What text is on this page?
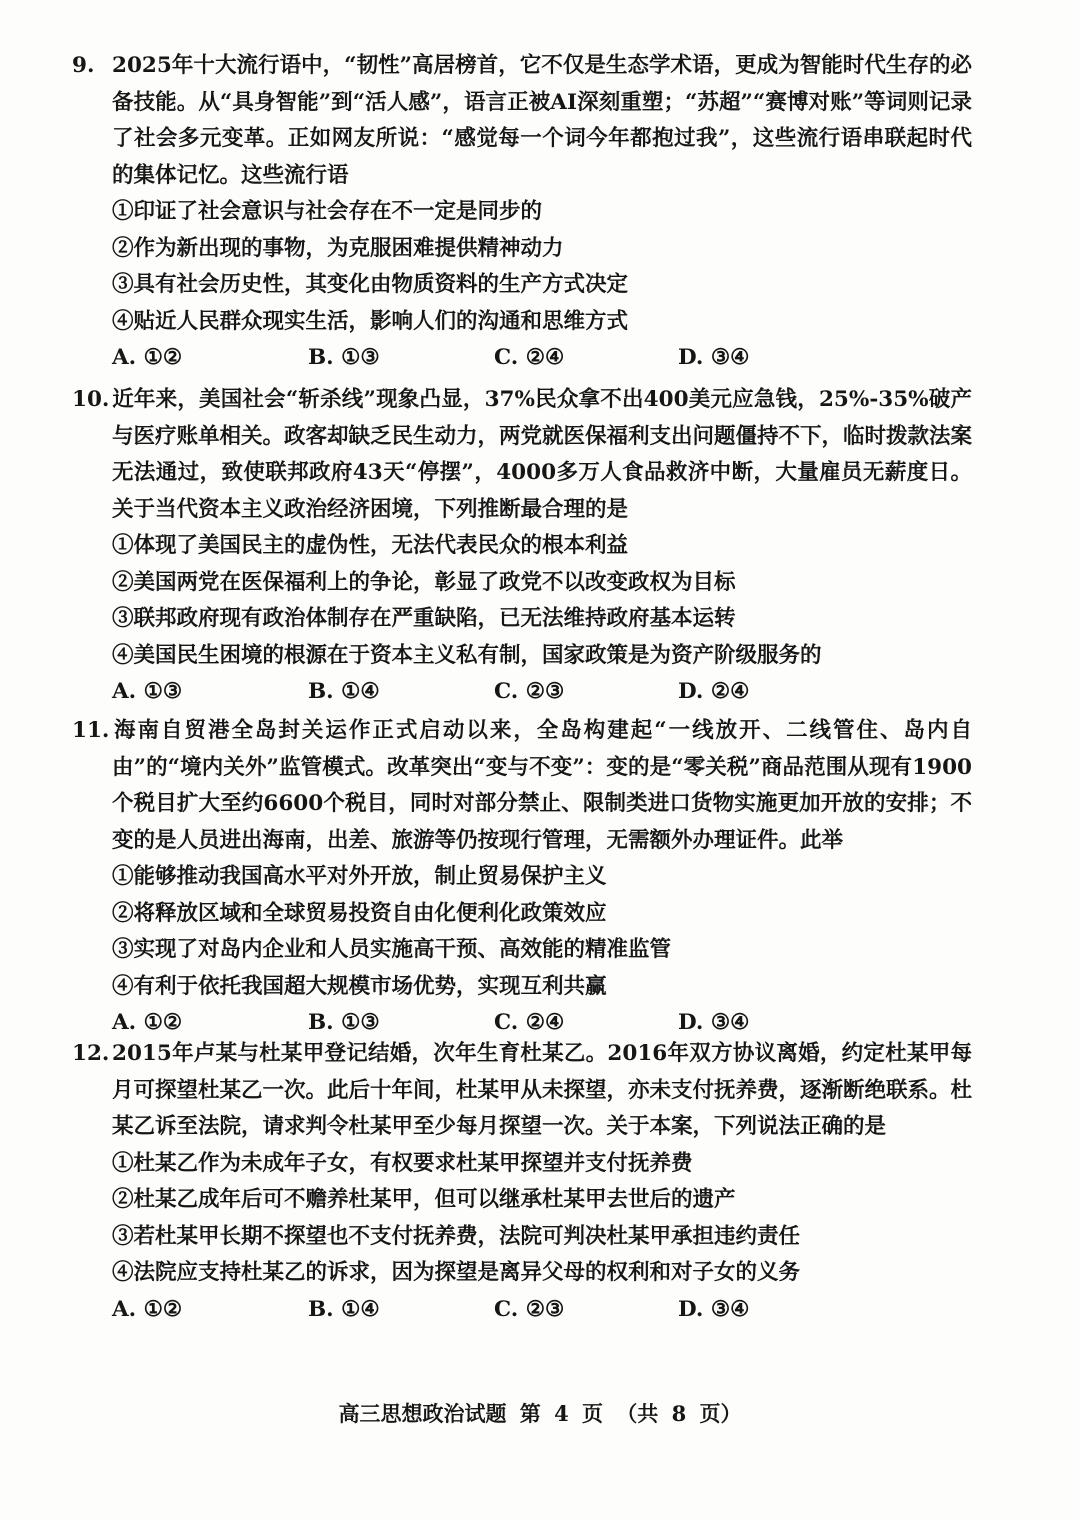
9. 2025年十大流行语中，“韧性”高居榜首，它不仅是生态学术语，更成为智能时代生存的必备技能。从“具身智能”到“活人感”，语言正被AI深刻重塑；“苏超”“赛博对账”等词则记录了社会多元变革。正如网友所说：“感觉每一个词今年都抱过我”，这些流行语串联起时代的集体记忆。这些流行语

①印证了社会意识与社会存在不一定是同步的

②作为新出现的事物，为克服困难提供精神动力

③具有社会历史性，其变化由物质资料的生产方式决定

④贴近人民群众现实生活，影响人们的沟通和思维方式

A. ①②	B. ①③	C. ②④	D. ③④

10. 近年来，美国社会“斩杀线”现象凸显，37%民众拿不出400美元应急钱，25%-35%破产与医疗账单相关。政客却缺乏民生动力，两党就医保福利支出问题僵持不下，临时拨款法案无法通过，致使联邦政府43天“停摆”，4000多万人食品救济中断，大量雇员无薪度日。关于当代资本主义政治经济困境，下列推断最合理的是

①体现了美国民主的虚伪性，无法代表民众的根本利益

②美国两党在医保福利上的争论，彰显了政党不以改变政权为目标

③联邦政府现有政治体制存在严重缺陷，已无法维持政府基本运转

④美国民生困境的根源在于资本主义私有制，国家政策是为资产阶级服务的

A. ①③	B. ①④	C. ②③	D. ②④

11. 海南自贸港全岛封关运作正式启动以来，全岛构建起“一线放开、二线管住、岛内自由”的“境内关外”监管模式。改革突出“变与不变”：变的是“零关税”商品范围从现有1900个税目扩大至约6600个税目，同时对部分禁止、限制类进口货物实施更加开放的安排；不变的是人员进出海南，出差、旅游等仍按现行管理，无需额外办理证件。此举

①能够推动我国高水平对外开放，制止贸易保护主义

②将释放区域和全球贸易投资自由化便利化政策效应

③实现了对岛内企业和人员实施高干预、高效能的精准监管

④有利于依托我国超大规模市场优势，实现互利共赢

A. ①②	B. ①③	C. ②④	D. ③④

12. 2015年卢某与杜某甲登记结婚，次年生育杜某乙。2016年双方协议离婚，约定杜某甲每月可探望杜某乙一次。此后十年间，杜某甲从未探望，亦未支付抚养费，逐渐断绝联系。杜某乙诉至法院，请求判令杜某甲至少每月探望一次。关于本案，下列说法正确的是

①杜某乙作为未成年子女，有权要求杜某甲探望并支付抚养费

②杜某乙成年后可不赡养杜某甲，但可以继承杜某甲去世后的遗产

③若杜某甲长期不探望也不支付抚养费，法院可判决杜某甲承担违约责任

④法院应支持杜某乙的诉求，因为探望是离异父母的权利和对子女的义务

A. ①②	B. ①④	C. ②③	D. ③④
高三思想政治试题 第 4 页 （共 8 页）
